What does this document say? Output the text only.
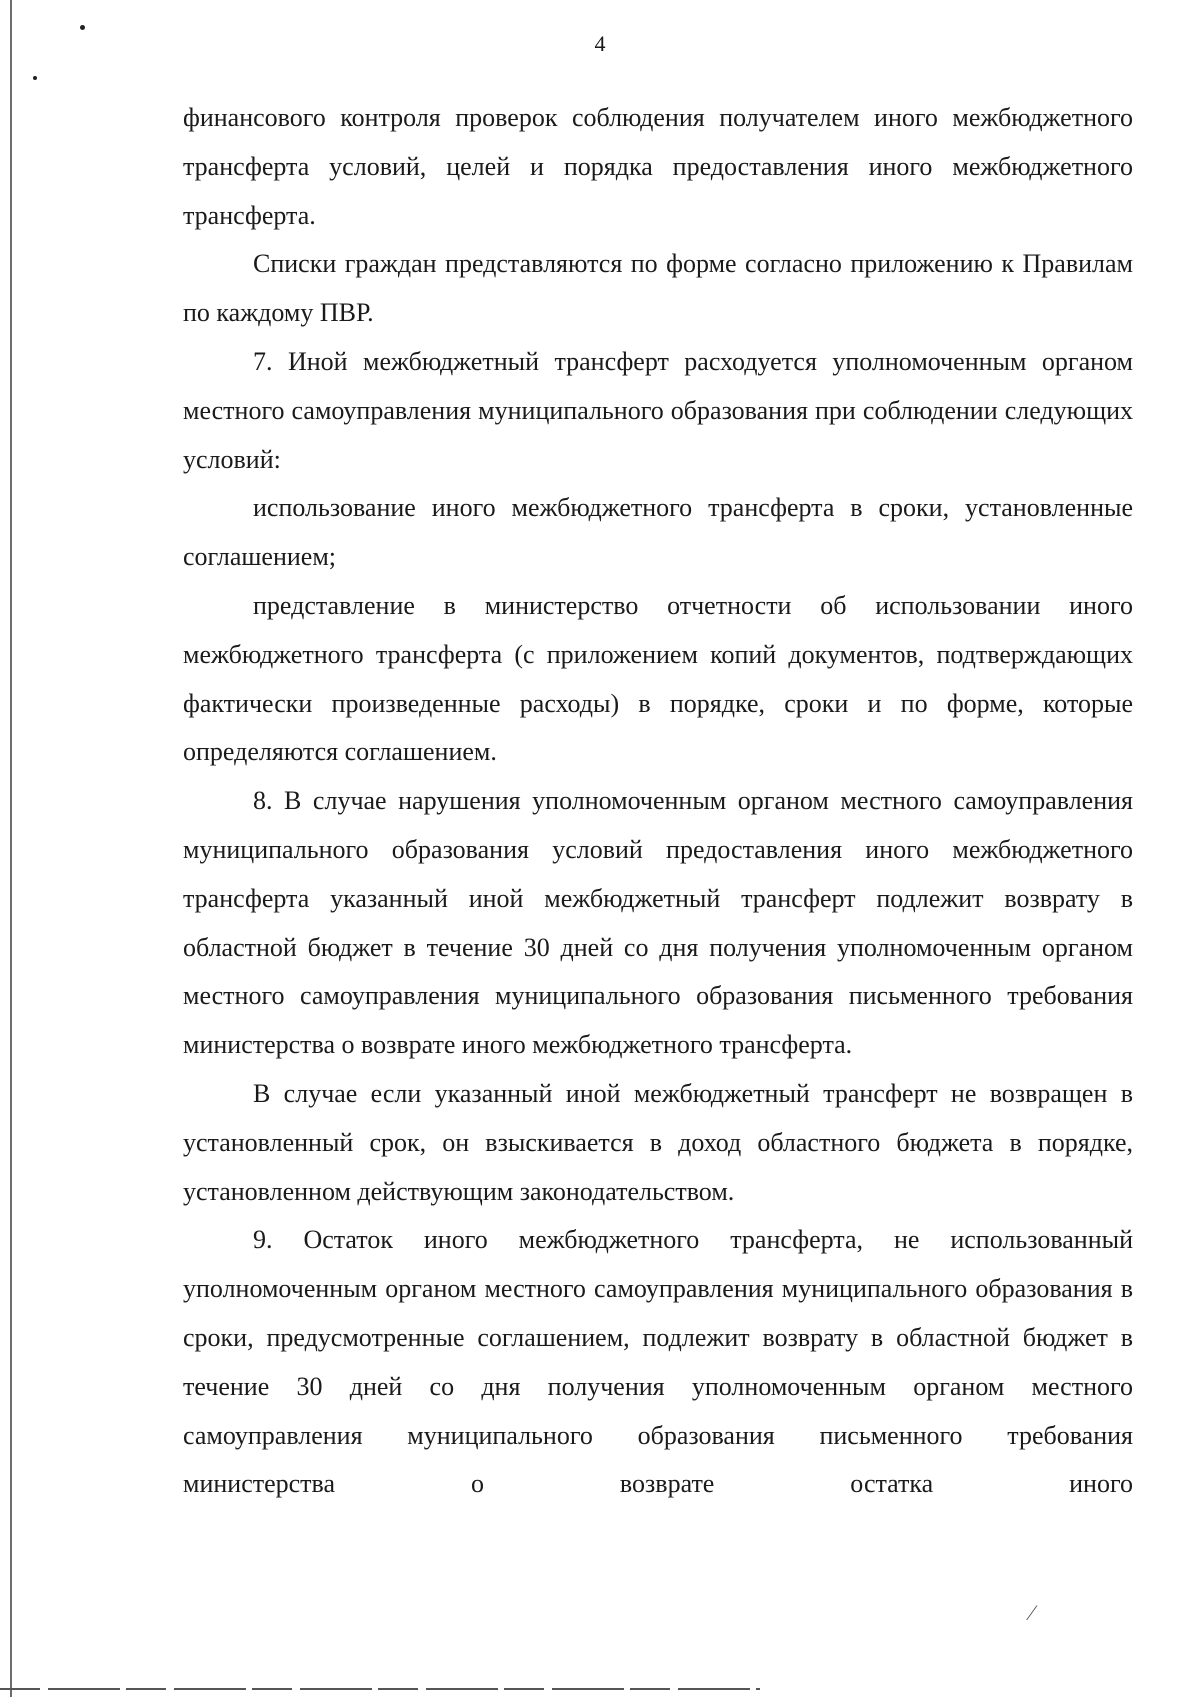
⁄
4

финансового контроля проверок соблюдения получателем иного межбюджетного трансферта условий, целей и порядка предоставления иного межбюджетного трансферта.

Списки граждан представляются по форме согласно приложению к Правилам по каждому ПВР.

7. Иной межбюджетный трансферт расходуется уполномоченным органом местного самоуправления муниципального образования при соблюдении следующих условий:

использование иного межбюджетного трансферта в сроки, установленные соглашением;

представление в министерство отчетности об использовании иного межбюджетного трансферта (с приложением копий документов, подтверждающих фактически произведенные расходы) в порядке, сроки и по форме, которые определяются соглашением.

8. В случае нарушения уполномоченным органом местного самоуправления муниципального образования условий предоставления иного межбюджетного трансферта указанный иной межбюджетный трансферт подлежит возврату в областной бюджет в течение 30 дней со дня получения уполномоченным органом местного самоуправления муниципального образования письменного требования министерства о возврате иного межбюджетного трансферта.

В случае если указанный иной межбюджетный трансферт не возвращен в установленный срок, он взыскивается в доход областного бюджета в порядке, установленном действующим законодательством.

9. Остаток иного межбюджетного трансферта, не использованный уполномоченным органом местного самоуправления муниципального образования в сроки, предусмотренные соглашением, подлежит возврату в областной бюджет в течение 30 дней со дня получения уполномоченным органом местного самоуправления муниципального образования письменного требования министерства о возврате остатка иного
